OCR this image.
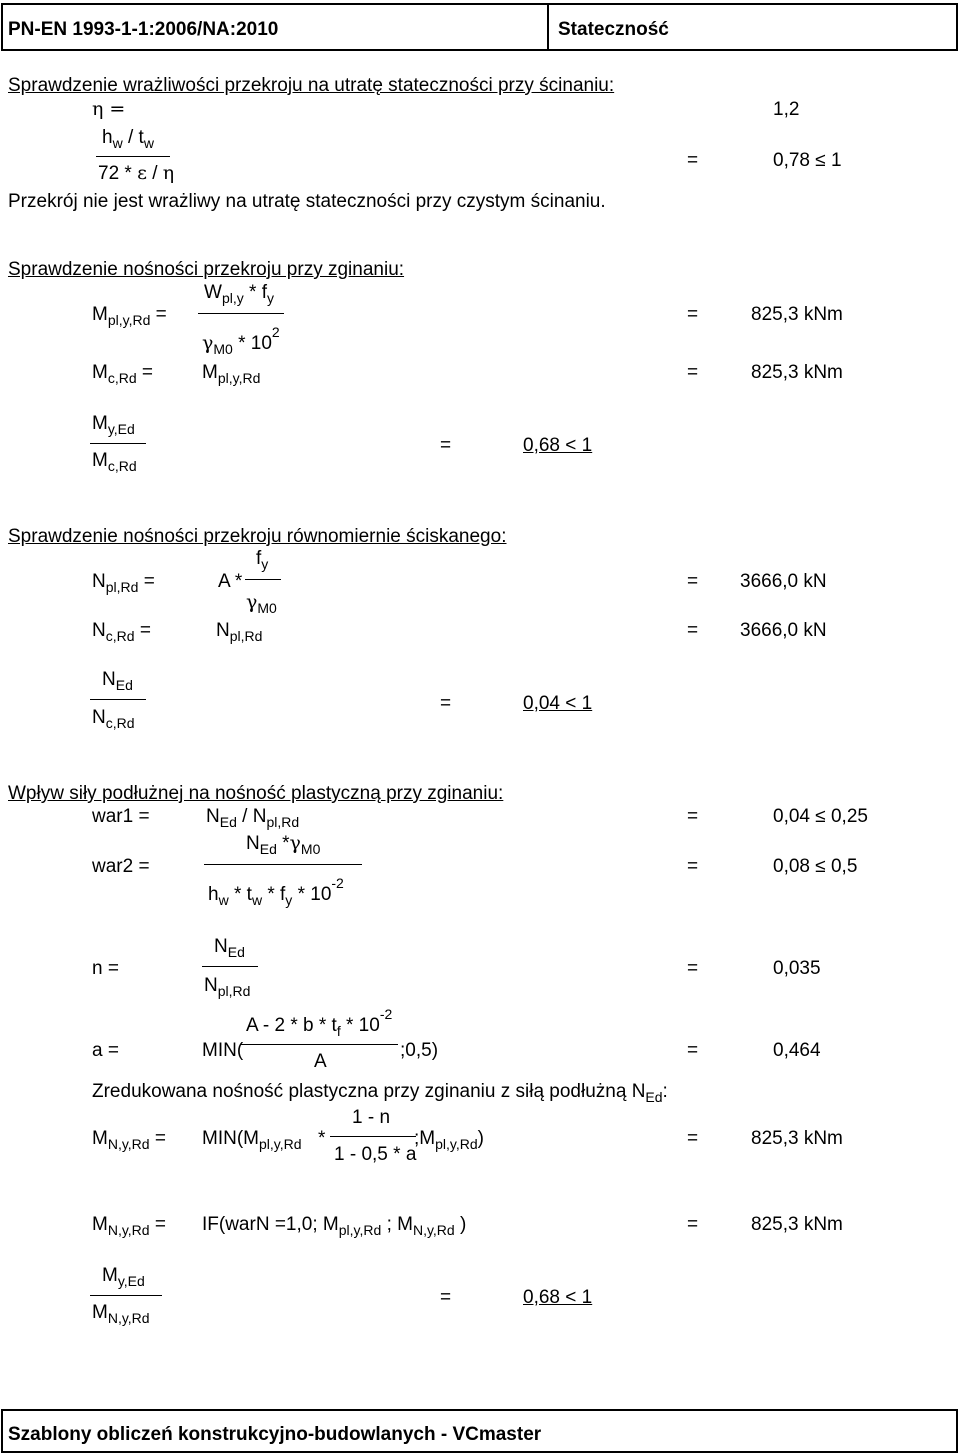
PN-EN 1993-1-1:2006/NA:2010	Stateczność
Sprawdzenie wrażliwości przekroju na utratę stateczności przy ścinaniu:
η =	1,2
$h_w / t_w$
72 * ε / η
=	0,78 ≤ 1
Przekrój nie jest wrażliwy na utratę stateczności przy czystym ścinaniu.
Sprawdzenie nośności przekroju przy zginaniu:
$W_{pl,y} * f_y$
$M_{pl,y,Rd}$ =	=	825,3 kNm
$\gamma_{M0} * 10^2$
$M_{c,Rd}$ =	$M_{pl,y,Rd}$	=	825,3 kNm
$M_{y,Ed}$
$M_{c,Rd}$
=	0,68 < 1
Sprawdzenie nośności przekroju równomiernie ściskanego:
$f_y$
$N_{pl,Rd}$ =	A *
$\gamma_{M0}$
= 3666,0 kN
$N_{c,Rd}$ =	$N_{pl,Rd}$	= 3666,0 kN
$N_{Ed}$
$N_{c,Rd}$
=	0,04 < 1
Wpływ siły podłużnej na nośność plastyczną przy zginaniu:
war1 =	$N_{Ed} / N_{pl,Rd}$	=	0,04 ≤ 0,25
$N_{Ed}$ $*\gamma_{M0}$
war2 =	=	0,08 ≤ 0,5
$h_w * t_w * f_y * 10^{-2}$
$N_{Ed}$
n =	=	0,035
$N_{pl,Rd}$
A - 2 * b * $t_f * 10^{-2}$
a =	MIN(	;0,5)	=	0,464
A
Zredukowana nośność plastyczna przy zginaniu z siłą podłużną $N_{Ed}$:
1 - n
$M_{N,y,Rd} = MIN(M_{pl,y,Rd}$ *	$;M_{pl,y,Rd}$)	=	825,3 kNm
1 - 0,5 * a
$M_{N,y,Rd}$ = IF(warN =1,0; $M_{pl,y,Rd}$ ; $M_{N,y,Rd}$ )	=	825,3 kNm
$M_{y,Ed}$
$M_{N,y,Rd}$
=	0,68 < 1
Szablony obliczeń konstrukcyjno-budowlanych - VCmaster
